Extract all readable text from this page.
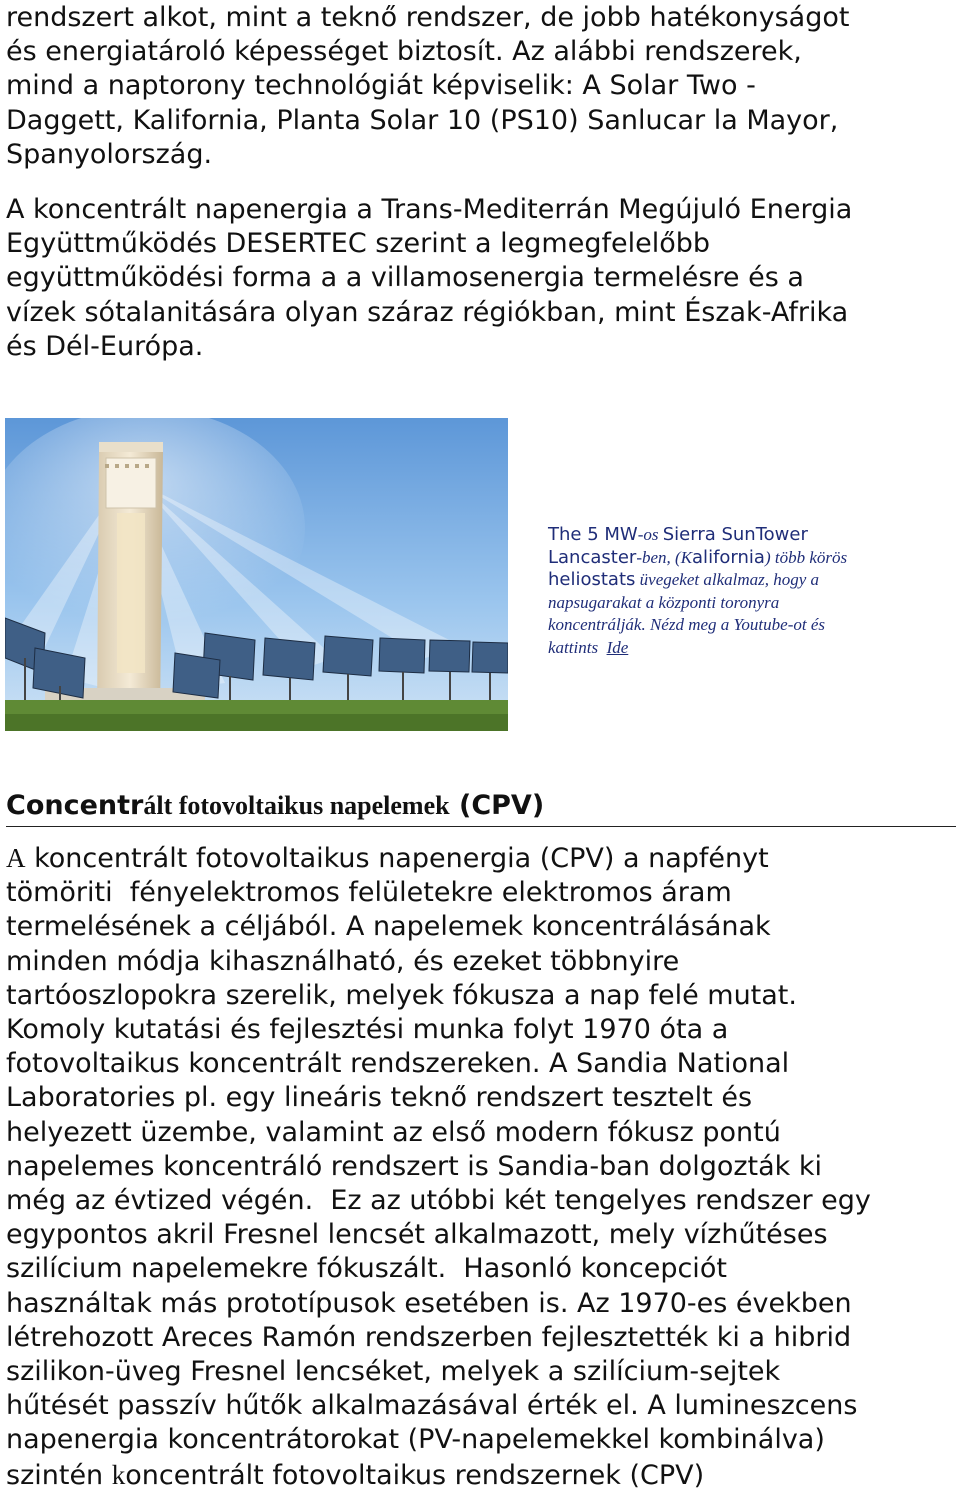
rendszert alkot, mint a teknő rendszer, de jobb hatékonyságot
és energiatároló képességet biztosít. Az alábbi rendszerek,
mind a naptorony technológiát képviselik: A Solar Two -
Daggett, Kalifornia, Planta Solar 10 (PS10) Sanlucar la Mayor,
Spanyolország.
A koncentrált napenergia a Trans-Mediterrán Megújuló Energia
Együttműködés DESERTEC szerint a legmegfelelőbb
együttműködési forma a a villamosenergia termelésre és a
vízek sótalanitására olyan száraz régiókban, mint Észak-Afrika
és Dél-Európa.
The 5 MW-os Sierra SunTower
Lancaster-ben, (Kalifornia) több körös
heliostats üvegeket alkalmaz, hogy a
napsugarakat a központi toronyra
koncentrálják. Nézd meg a Youtube-ot és
kattints  Ide
Concentrált fotovoltaikus napelemek (CPV)
A koncentrált fotovoltaikus napenergia (CPV) a napfényt
tömöriti  fényelektromos felületekre elektromos áram
termelésének a céljából. A napelemek koncentrálásának
minden módja kihasználható, és ezeket többnyire
tartóoszlopokra szerelik, melyek fókusza a nap felé mutat.
Komoly kutatási és fejlesztési munka folyt 1970 óta a
fotovoltaikus koncentrált rendszereken. A Sandia National
Laboratories pl. egy lineáris teknő rendszert tesztelt és
helyezett üzembe, valamint az első modern fókusz pontú
napelemes koncentráló rendszert is Sandia-ban dolgozták ki
még az évtized végén.  Ez az utóbbi két tengelyes rendszer egy
egypontos akril Fresnel lencsét alkalmazott, mely vízhűtéses
szilícium napelemekre fókuszált.  Hasonló koncepciót
használtak más prototípusok esetében is. Az 1970-es években
létrehozott Areces Ramón rendszerben fejlesztették ki a hibrid
szilikon-üveg Fresnel lencséket, melyek a szilícium-sejtek
hűtését passzív hűtők alkalmazásával érték el. A lumineszcens
napenergia koncentrátorokat (PV-napelemekkel kombinálva)
szintén koncentrált fotovoltaikus rendszernek (CPV)
